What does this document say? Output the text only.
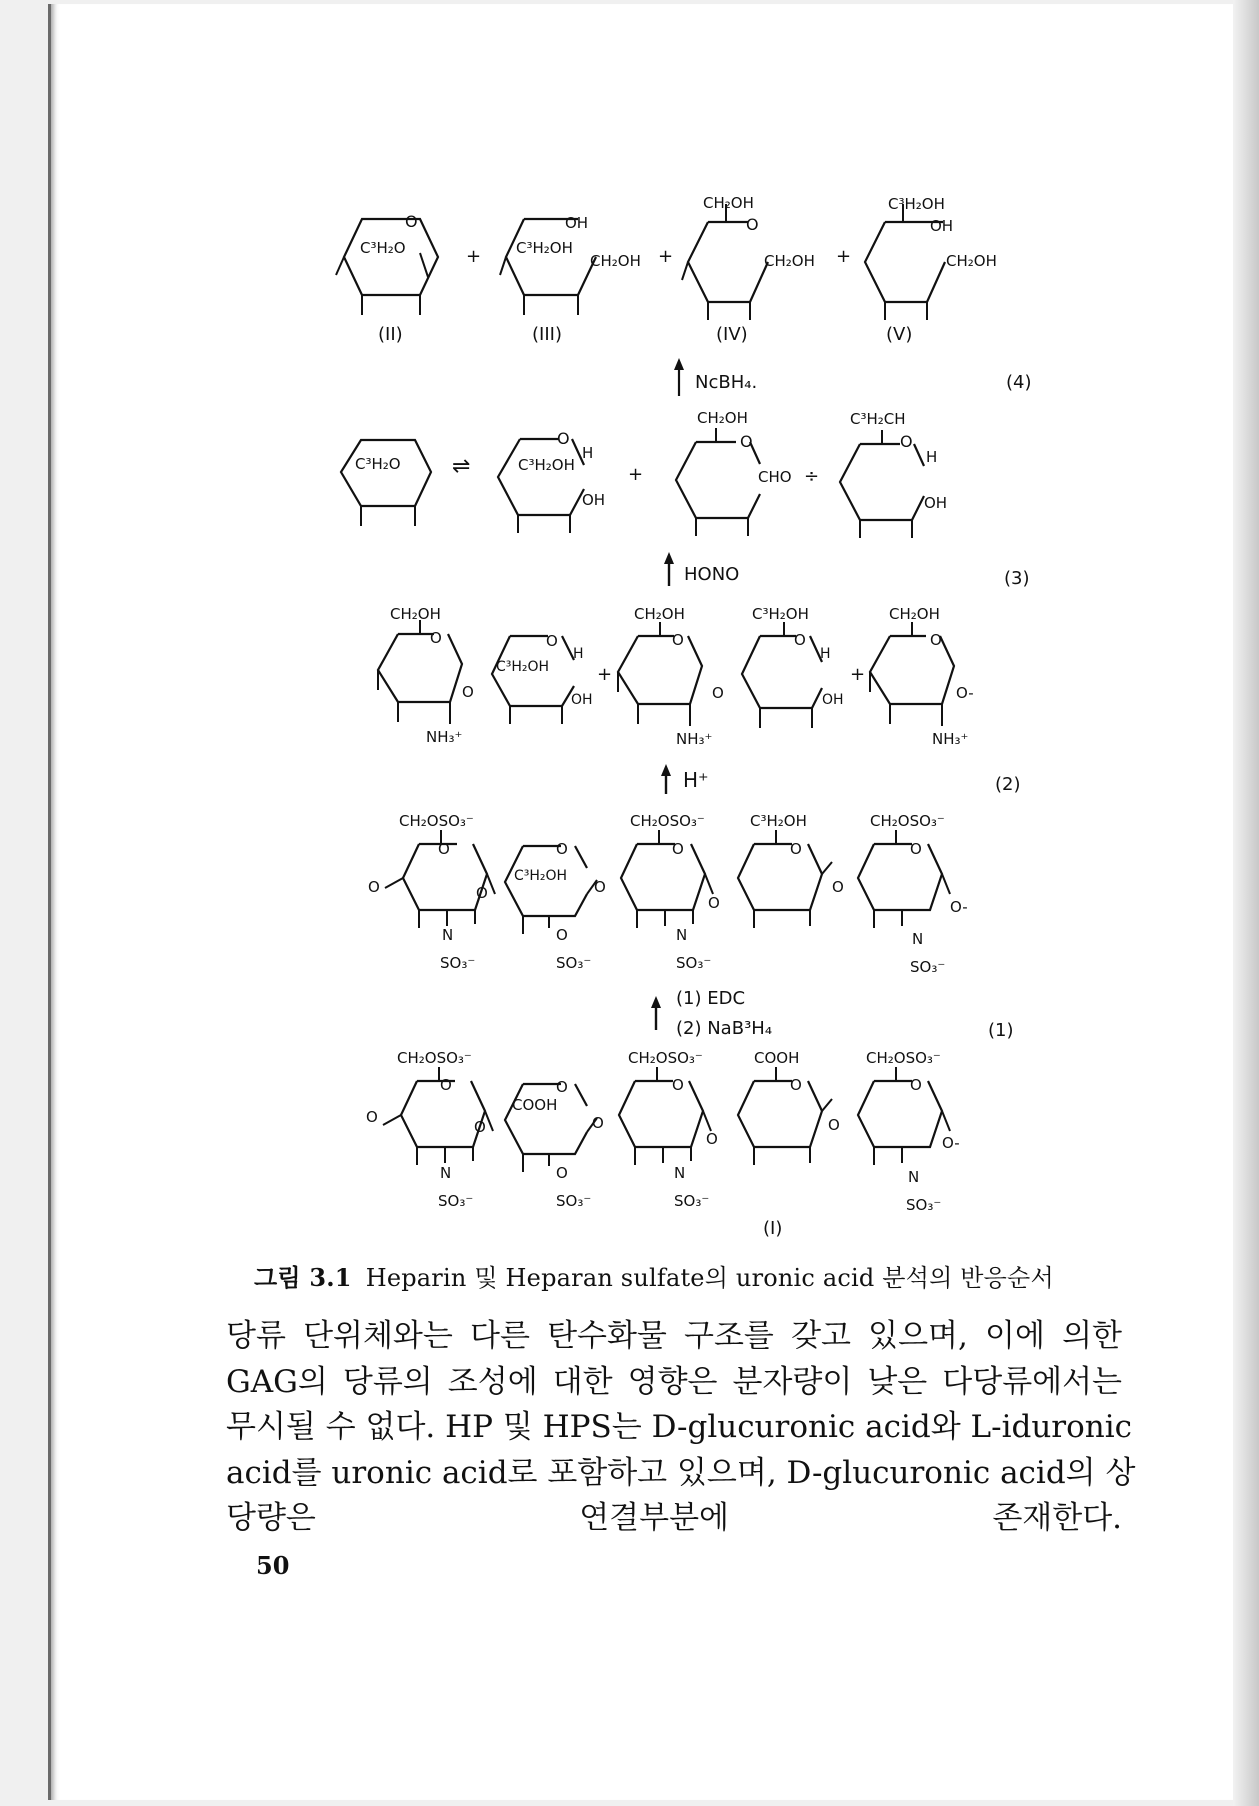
O
C³H₂O	+
OH
C³H₂OH
CH₂OH +
CH₂OH
O
CH₂OH +
C³H₂OH
OH
CH₂OH
(II)	(III)	(IV)	(V)
NcBH₄.	(4)
C³H₂O ⇌
O
C³H₂OH
H
OH
+
CH₂OH
O
CHO ÷
C³H₂CH
O
H
OH
HONO	(3)
CH₂OH
O
NH₃⁺
O
O
C³H₂OH
H
OH
+
CH₂OH
O
NH₃⁺
O
C³H₂OH
O
H
OH
+
CH₂OH
O
NH₃⁺
O-
H⁺	(2)
CH₂OSO₃⁻
O
O
N
SO₃⁻
O
O
C³H₂OH
O
SO₃⁻
O
CH₂OSO₃⁻
O
N
SO₃⁻
O
C³H₂OH
O
O
CH₂OSO₃⁻
O
O-
N
SO₃⁻
(1) EDC
(2) NaB³H₄	(1)
CH₂OSO₃⁻
O
O
N
SO₃⁻
O
O
COOH
O
SO₃⁻
O
CH₂OSO₃⁻
O
N
SO₃⁻
O
COOH
O
O
CH₂OSO₃⁻
O
O-
N
SO₃⁻
(I)
그림 3.1 Heparin 및 Heparan sulfate의 uronic acid 분석의 반응순서

당류 단위체와는 다른 탄수화물 구조를 갖고 있으며, 이에 의한

GAG의 당류의 조성에 대한 영향은 분자량이 낮은 다당류에서는

무시될 수 없다. HP 및 HPS는 D-glucuronic acid와 L-iduronic

acid를 uronic acid로 포함하고 있으며, D-glucuronic acid의 상

당량은 연결부분에 존재한다.

50
